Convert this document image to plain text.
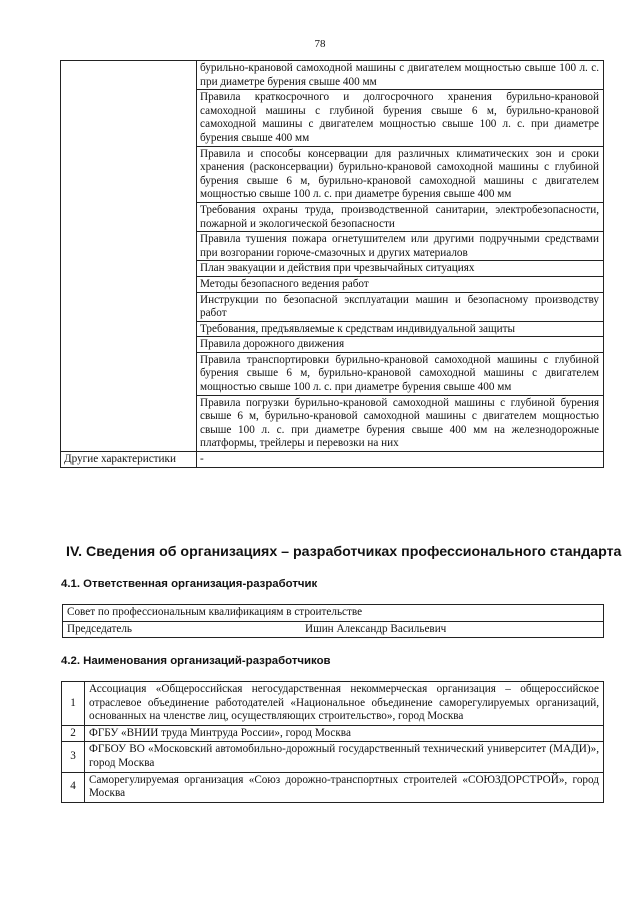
78
	бурильно-крановой самоходной машины с двигателем мощностью свыше 100 л. с. при диаметре бурения свыше 400 мм
	Правила краткосрочного и долгосрочного хранения бурильно-крановой самоходной машины с глубиной бурения свыше 6 м, бурильно-крановой самоходной машины с двигателем мощностью свыше 100 л. с. при диаметре бурения свыше 400 мм
	Правила и способы консервации для различных климатических зон и сроки хранения (расконсервации) бурильно-крановой самоходной машины с глубиной бурения свыше 6 м, бурильно-крановой самоходной машины с двигателем мощностью свыше 100 л. с. при диаметре бурения свыше 400 мм
	Требования охраны труда, производственной санитарии, электробезопасности, пожарной и экологической безопасности
	Правила тушения пожара огнетушителем или другими подручными средствами при возгорании горюче-смазочных и других материалов
	План эвакуации и действия при чрезвычайных ситуациях
	Методы безопасного ведения работ
	Инструкции по безопасной эксплуатации машин и безопасному производству работ
	Требования, предъявляемые к средствам индивидуальной защиты
	Правила дорожного движения
	Правила транспортировки бурильно-крановой самоходной машины с глубиной бурения свыше 6 м, бурильно-крановой самоходной машины с двигателем мощностью свыше 100 л. с. при диаметре бурения свыше 400 мм
	Правила погрузки бурильно-крановой самоходной машины с глубиной бурения свыше 6 м, бурильно-крановой самоходной машины с двигателем мощностью свыше 100 л. с. при диаметре бурения свыше 400 мм на железнодорожные платформы, трейлеры и перевозки на них
Другие характеристики	-
IV. Сведения об организациях – разработчиках профессионального стандарта
4.1. Ответственная организация-разработчик
Совет по профессиональным квалификациям в строительстве

Председатель	Ишин Александр Васильевич
4.2. Наименования организаций-разработчиков
1	Ассоциация «Общероссийская негосударственная некоммерческая организация – общероссийское отраслевое объединение работодателей «Национальное объединение саморегулируемых организаций, основанных на членстве лиц, осуществляющих строительство», город Москва
2	ФГБУ «ВНИИ труда Минтруда России», город Москва
3	ФГБОУ ВО «Московский автомобильно-дорожный государственный технический университет (МАДИ)», город Москва
4	Саморегулируемая организация «Союз дорожно-транспортных строителей «СОЮЗДОРСТРОЙ», город Москва
